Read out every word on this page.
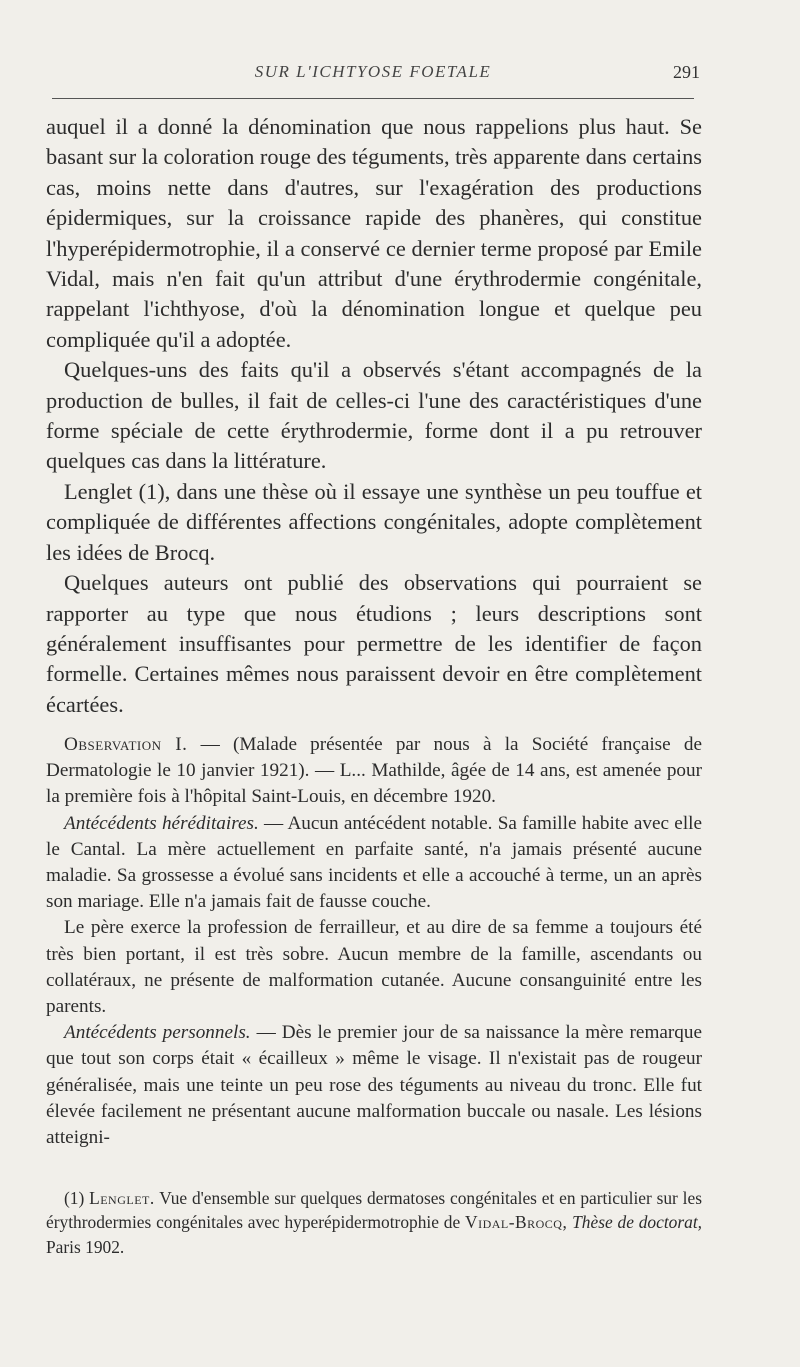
SUR L'ICHTYOSE FOETALE	291

auquel il a donné la dénomination que nous rappelions plus haut. Se basant sur la coloration rouge des téguments, très apparente dans certains cas, moins nette dans d'autres, sur l'exagération des productions épidermiques, sur la croissance rapide des phanères, qui constitue l'hyperépidermotrophie, il a conservé ce dernier terme proposé par Emile Vidal, mais n'en fait qu'un attribut d'une érythrodermie congénitale, rappelant l'ichthyose, d'où la dénomination longue et quelque peu compliquée qu'il a adoptée.

Quelques-uns des faits qu'il a observés s'étant accompagnés de la production de bulles, il fait de celles-ci l'une des caractéristiques d'une forme spéciale de cette érythrodermie, forme dont il a pu retrouver quelques cas dans la littérature.

Lenglet (1), dans une thèse où il essaye une synthèse un peu touffue et compliquée de différentes affections congénitales, adopte complètement les idées de Brocq.

Quelques auteurs ont publié des observations qui pourraient se rapporter au type que nous étudions ; leurs descriptions sont généralement insuffisantes pour permettre de les identifier de façon formelle. Certaines mêmes nous paraissent devoir en être complètement écartées.

Observation I. — (Malade présentée par nous à la Société française de Dermatologie le 10 janvier 1921). — L... Mathilde, âgée de 14 ans, est amenée pour la première fois à l'hôpital Saint-Louis, en décembre 1920.

Antécédents héréditaires. — Aucun antécédent notable. Sa famille habite avec elle le Cantal. La mère actuellement en parfaite santé, n'a jamais présenté aucune maladie. Sa grossesse a évolué sans incidents et elle a accouché à terme, un an après son mariage. Elle n'a jamais fait de fausse couche.

Le père exerce la profession de ferrailleur, et au dire de sa femme a toujours été très bien portant, il est très sobre. Aucun membre de la famille, ascendants ou collatéraux, ne présente de malformation cutanée. Aucune consanguinité entre les parents.

Antécédents personnels. — Dès le premier jour de sa naissance la mère remarque que tout son corps était « écailleux » même le visage. Il n'existait pas de rougeur généralisée, mais une teinte un peu rose des téguments au niveau du tronc. Elle fut élevée facilement ne présentant aucune malformation buccale ou nasale. Les lésions atteigni-

(1) Lenglet. Vue d'ensemble sur quelques dermatoses congénitales et en particulier sur les érythrodermies congénitales avec hyperépidermotrophie de Vidal-Brocq, Thèse de doctorat, Paris 1902.
